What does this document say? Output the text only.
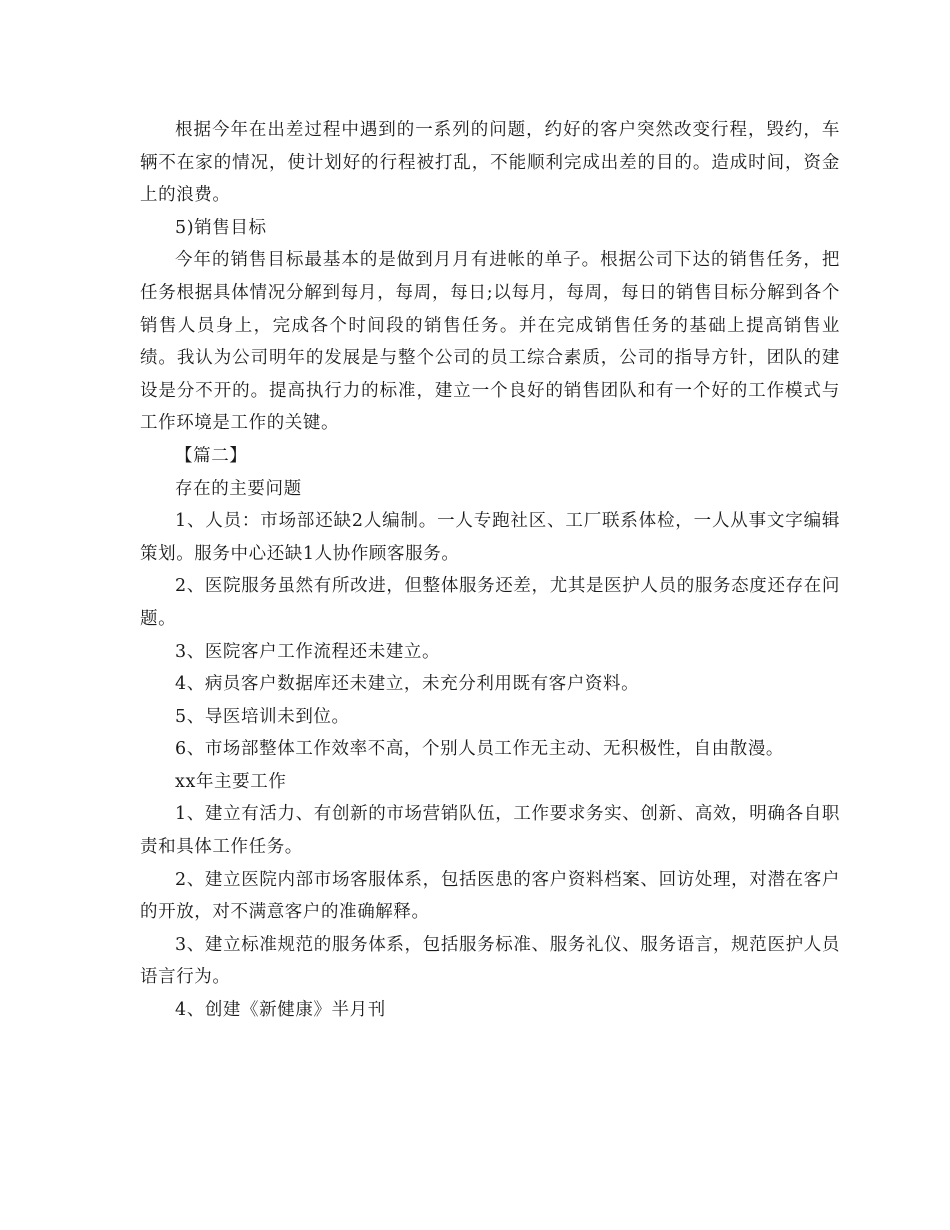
根据今年在出差过程中遇到的一系列的问题，约好的客户突然改变行程，毁约，车辆不在家的情况，使计划好的行程被打乱，不能顺利完成出差的目的。造成时间，资金上的浪费。

5)销售目标

今年的销售目标最基本的是做到月月有进帐的单子。根据公司下达的销售任务，把任务根据具体情况分解到每月，每周，每日;以每月，每周，每日的销售目标分解到各个销售人员身上，完成各个时间段的销售任务。并在完成销售任务的基础上提高销售业绩。我认为公司明年的发展是与整个公司的员工综合素质，公司的指导方针，团队的建设是分不开的。提高执行力的标准，建立一个良好的销售团队和有一个好的工作模式与工作环境是工作的关键。

【篇二】

存在的主要问题

1、人员：市场部还缺2人编制。一人专跑社区、工厂联系体检，一人从事文字编辑策划。服务中心还缺1人协作顾客服务。

2、医院服务虽然有所改进，但整体服务还差，尤其是医护人员的服务态度还存在问题。

3、医院客户工作流程还未建立。

4、病员客户数据库还未建立，未充分利用既有客户资料。

5、导医培训未到位。

6、市场部整体工作效率不高，个别人员工作无主动、无积极性，自由散漫。

xx年主要工作

1、建立有活力、有创新的市场营销队伍，工作要求务实、创新、高效，明确各自职责和具体工作任务。

2、建立医院内部市场客服体系，包括医患的客户资料档案、回访处理，对潜在客户的开放，对不满意客户的准确解释。

3、建立标准规范的服务体系，包括服务标准、服务礼仪、服务语言，规范医护人员语言行为。

4、创建《新健康》半月刊
